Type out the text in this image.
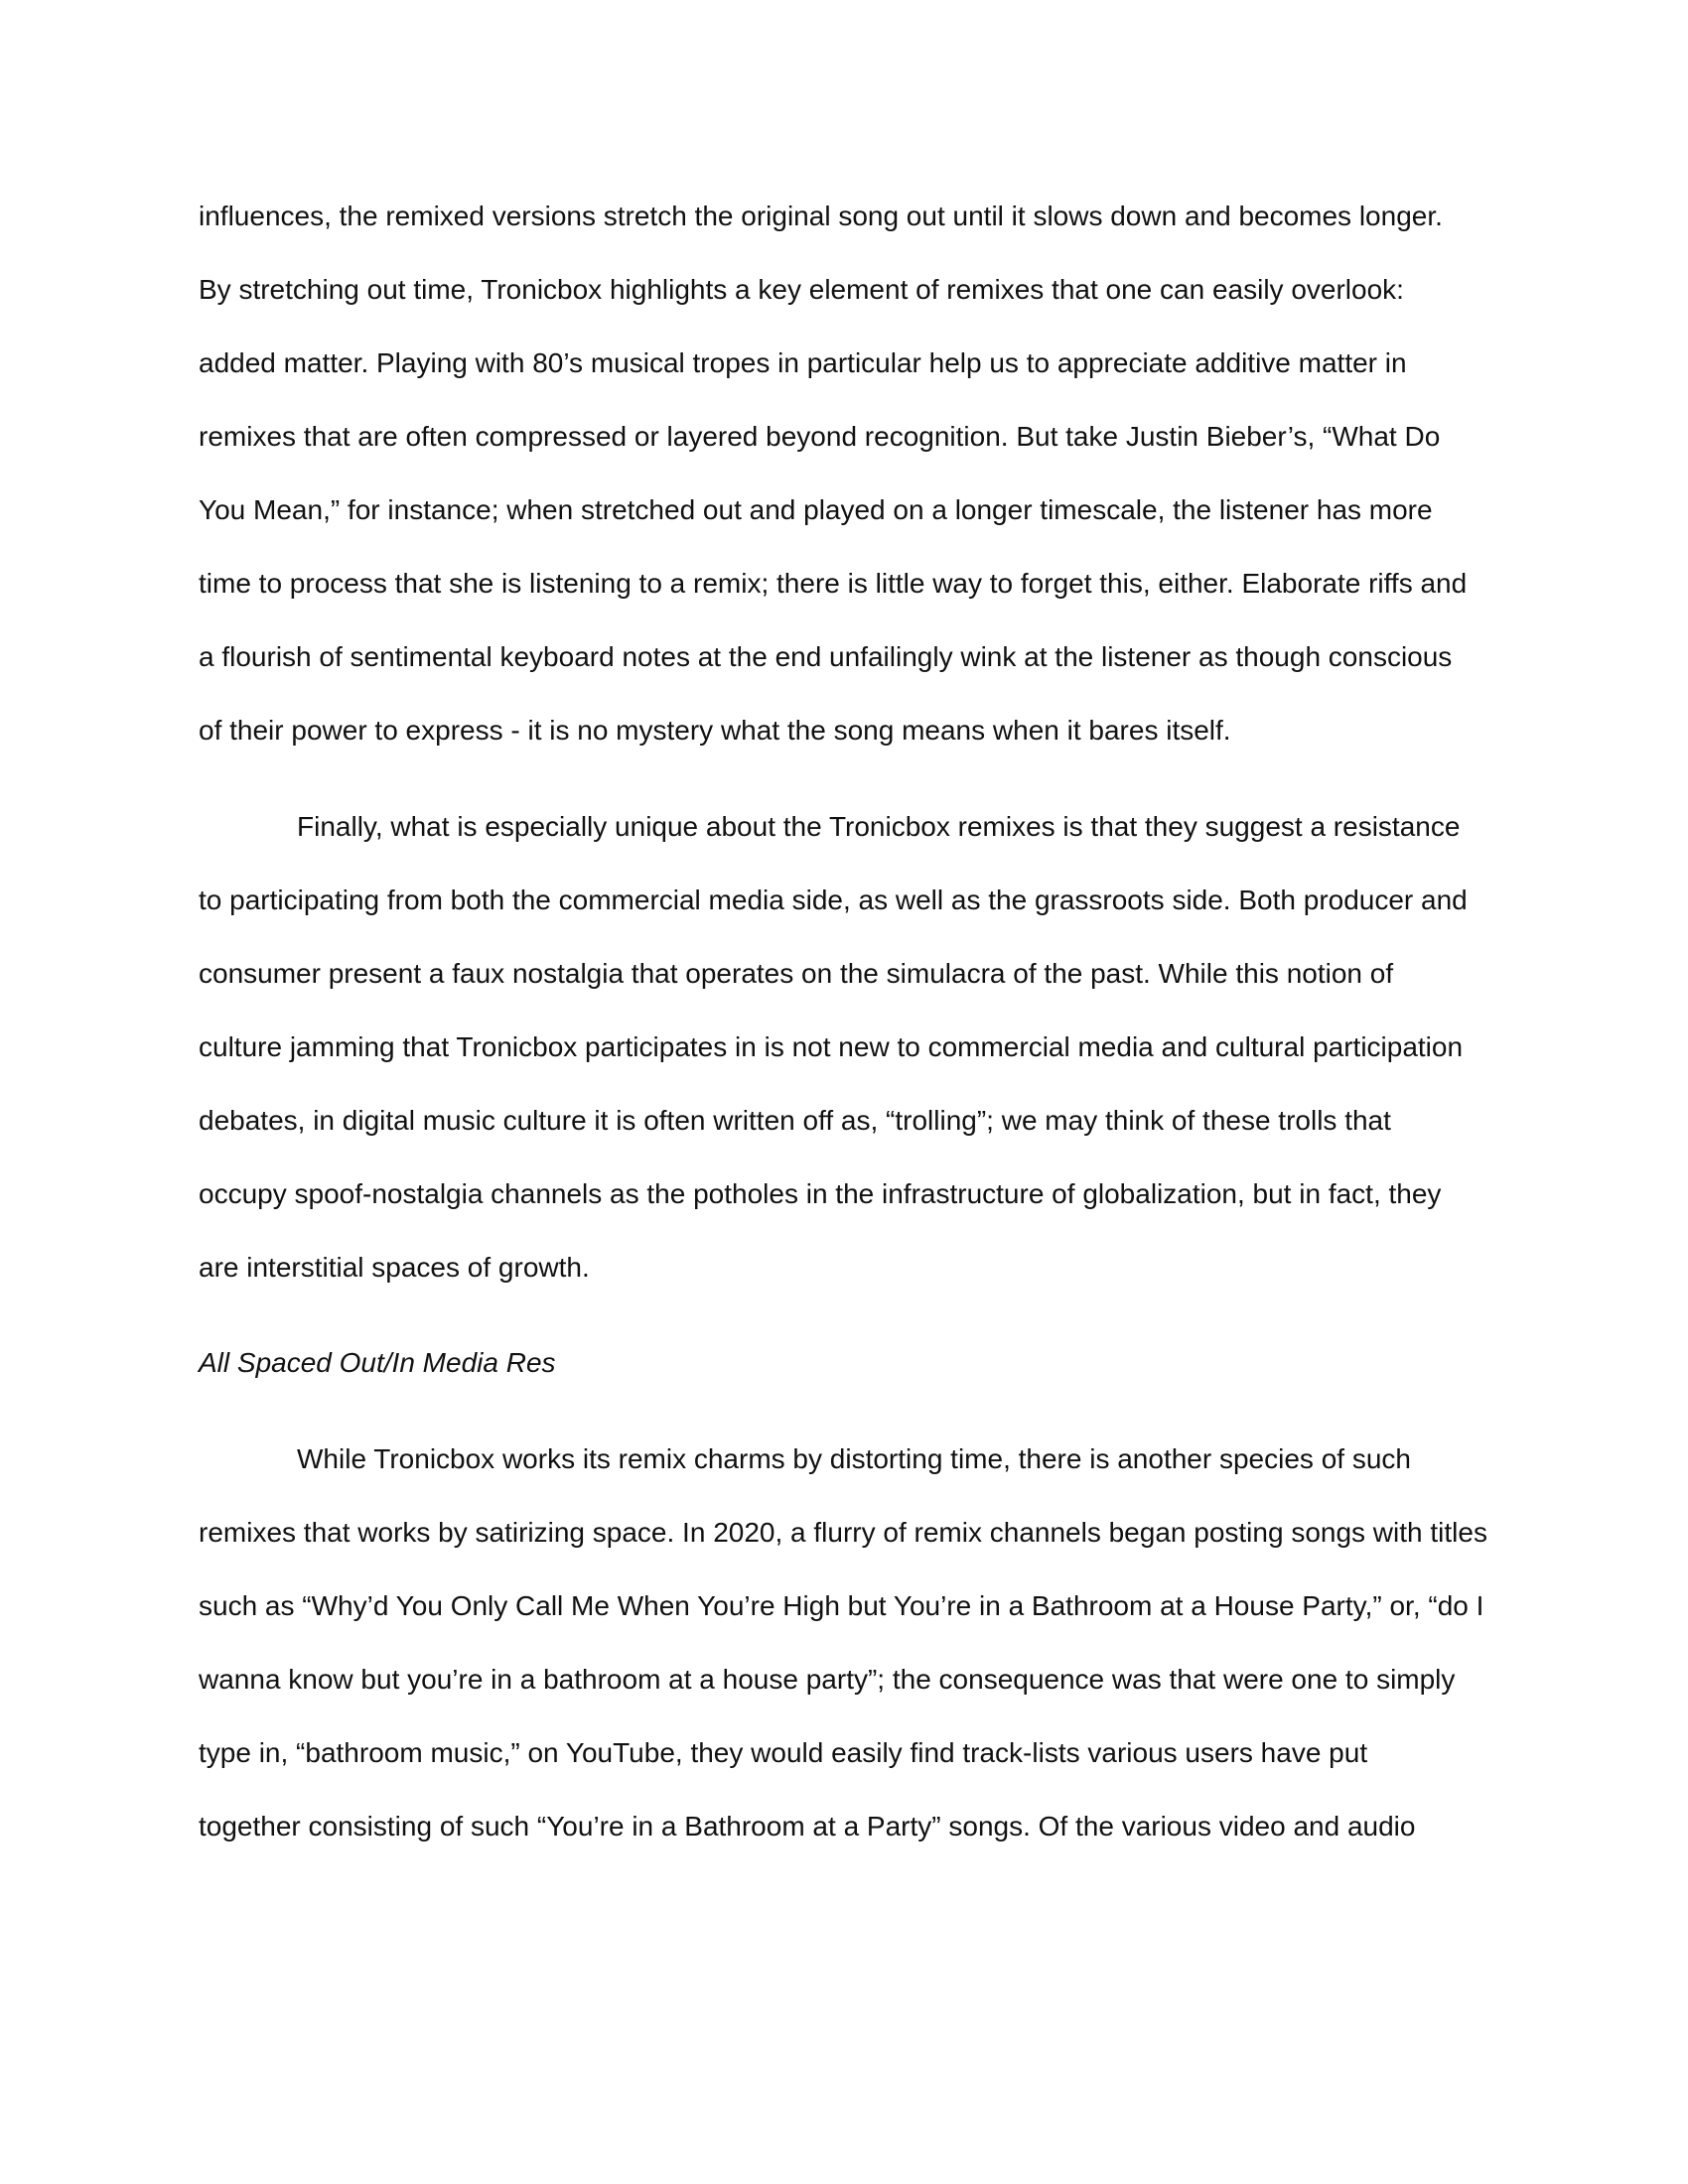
influences, the remixed versions stretch the original song out until it slows down and becomes longer.
By stretching out time, Tronicbox highlights a key element of remixes that one can easily overlook:
added matter. Playing with 80’s musical tropes in particular help us to appreciate additive matter in
remixes that are often compressed or layered beyond recognition. But take Justin Bieber’s, “What Do
You Mean,” for instance; when stretched out and played on a longer timescale, the listener has more
time to process that she is listening to a remix; there is little way to forget this, either. Elaborate riffs and
a flourish of sentimental keyboard notes at the end unfailingly wink at the listener as though conscious
of their power to express - it is no mystery what the song means when it bares itself.
Finally, what is especially unique about the Tronicbox remixes is that they suggest a resistance
to participating from both the commercial media side, as well as the grassroots side. Both producer and
consumer present a faux nostalgia that operates on the simulacra of the past. While this notion of
culture jamming that Tronicbox participates in is not new to commercial media and cultural participation
debates, in digital music culture it is often written off as, “trolling”; we may think of these trolls that
occupy spoof-nostalgia channels as the potholes in the infrastructure of globalization, but in fact, they
are interstitial spaces of growth.
All Spaced Out/In Media Res
While Tronicbox works its remix charms by distorting time, there is another species of such
remixes that works by satirizing space. In 2020, a flurry of remix channels began posting songs with titles
such as “Why’d You Only Call Me When You’re High but You’re in a Bathroom at a House Party,” or, “do I
wanna know but you’re in a bathroom at a house party”; the consequence was that were one to simply
type in, “bathroom music,” on YouTube, they would easily find track-lists various users have put
together consisting of such “You’re in a Bathroom at a Party” songs. Of the various video and audio
